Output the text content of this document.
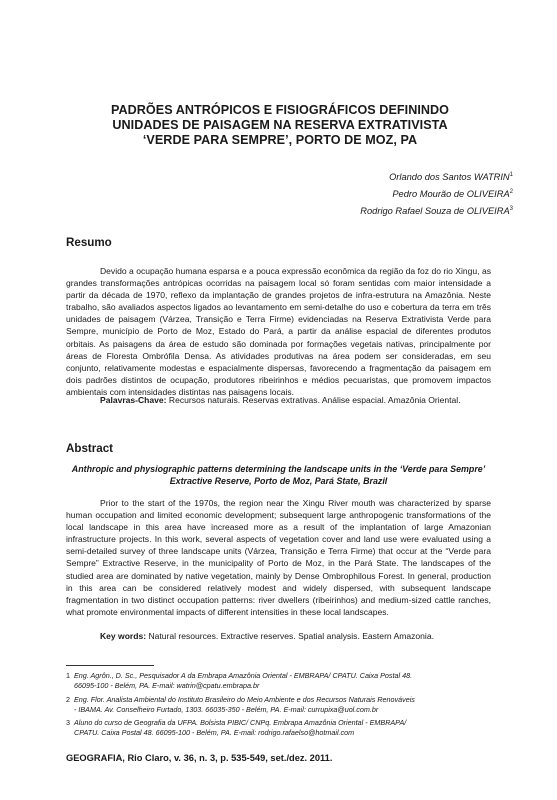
PADRÕES ANTRÓPICOS E FISIOGRÁFICOS DEFININDO
UNIDADES DE PAISAGEM NA RESERVA EXTRATIVISTA
‘VERDE PARA SEMPRE’, PORTO DE MOZ, PA
Orlando dos Santos WATRIN$^1$
Pedro Mourão de OLIVEIRA$^2$
Rodrigo Rafael Souza de OLIVEIRA$^3$
Resumo

Devido a ocupação humana esparsa e a pouca expressão econômica da região da foz do rio Xingu, as grandes transformações antrópicas ocorridas na paisagem local só foram sentidas com maior intensidade a partir da década de 1970, reflexo da implantação de grandes projetos de infra-estrutura na Amazônia. Neste trabalho, são avaliados aspectos ligados ao levantamento em semi-detalhe do uso e cobertura da terra em três unidades de paisagem (Várzea, Transição e Terra Firme) evidenciadas na Reserva Extrativista Verde para Sempre, município de Porto de Moz, Estado do Pará, a partir da análise espacial de diferentes produtos orbitais. As paisagens da área de estudo são dominada por formações vegetais nativas, principalmente por áreas de Floresta Ombrófila Densa. As atividades produtivas na área podem ser consideradas, em seu conjunto, relativamente modestas e espacialmente dispersas, favorecendo a fragmentação da paisagem em dois padrões distintos de ocupação, produtores ribeirinhos e médios pecuaristas, que promovem impactos ambientais com intensidades distintas nas paisagens locais.

Palavras-Chave: Recursos naturais. Reservas extrativas. Análise espacial. Amazônia Oriental.

Abstract

Anthropic and physiographic patterns determining the landscape units in the ‘Verde para Sempre’ Extractive Reserve, Porto de Moz, Pará State, Brazil

Prior to the start of the 1970s, the region near the Xingu River mouth was characterized by sparse human occupation and limited economic development; subsequent large anthropogenic transformations of the local landscape in this area have increased more as a result of the implantation of large Amazonian infrastructure projects. In this work, several aspects of vegetation cover and land use were evaluated using a semi-detailed survey of three landscape units (Várzea, Transição e Terra Firme) that occur at the “Verde para Sempre” Extractive Reserve, in the municipality of Porto de Moz, in the Pará State. The landscapes of the studied area are dominated by native vegetation, mainly by Dense Ombrophilous Forest. In general, production in this area can be considered relatively modest and widely dispersed, with subsequent landscape fragmentation in two distinct occupation patterns: river dwellers (ribeirinhos) and medium-sized cattle ranches, what promote environmental impacts of different intensities in these local landscapes.

Key words: Natural resources. Extractive reserves. Spatial analysis. Eastern Amazonia.

1 Eng. Agrôn., D. Sc., Pesquisador A da Embrapa Amazônia Oriental - EMBRAPA/ CPATU. Caixa Postal 48.
66095-100 - Belém, PA. E-mail: watrin@cpatu.embrapa.br

2 Eng. Flor. Analista Ambiental do Instituto Brasileiro do Meio Ambiente e dos Recursos Naturais Renováveis
- IBAMA. Av. Conselheiro Furtado, 1303. 66035-350 - Belém, PA. E-mail: currupixa@uol.com.br

3 Aluno do curso de Geografia da UFPA. Bolsista PIBIC/ CNPq. Embrapa Amazônia Oriental - EMBRAPA/
CPATU. Caixa Postal 48. 66095-100 - Belém, PA. E-mail: rodrigo.rafaelso@hotmail.com

GEOGRAFIA, Rio Claro, v. 36, n. 3, p. 535-549, set./dez. 2011.
